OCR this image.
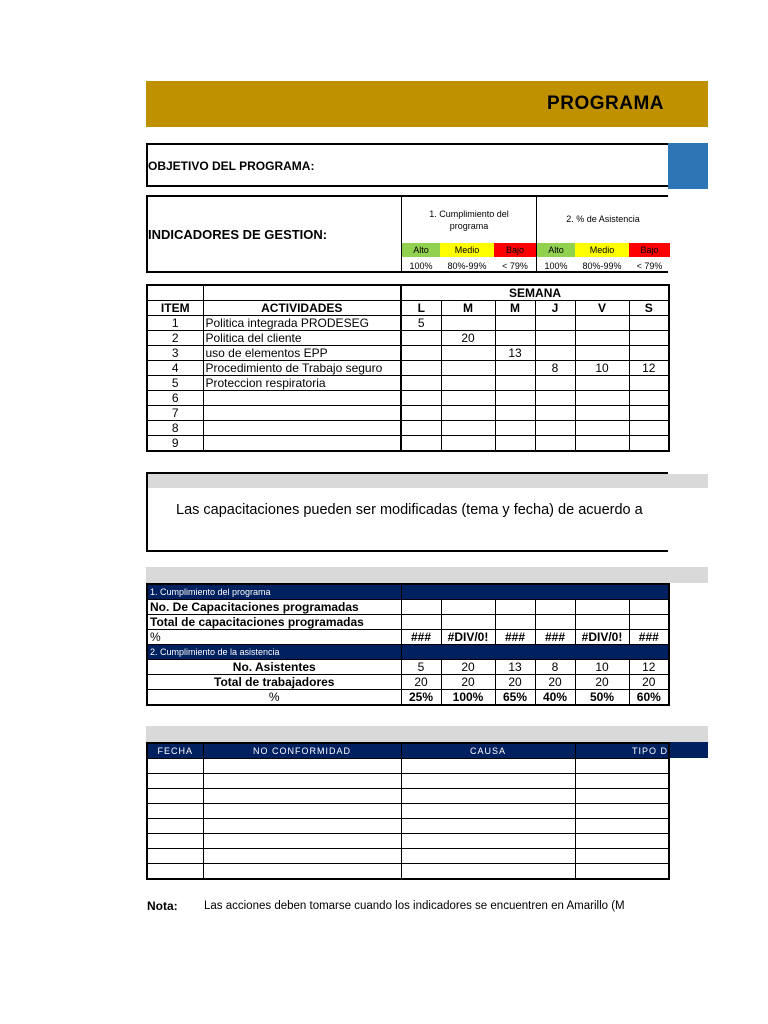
PROGRAMA
OBJETIVO DEL PROGRAMA:
INDICADORES DE GESTION:
1. Cumplimiento del programa
2. % de Asistencia
Alto	Medio	Bajo	Alto	Medio	Bajo
100%	80%-99%	< 79%	100%	80%-99%	< 79%
		SEMANA					
ITEM	ACTIVIDADES	L	M	M	J	V	S
1	Politica integrada PRODESEG	5					
2	Politica del cliente		20				
3	uso de elementos EPP			13			
4	Procedimiento de Trabajo seguro				8	10	12
5	Proteccion respiratoria						
6							
7							
8							
9							
Las capacitaciones pueden ser modificadas (tema y fecha) de acuerdo a
1. Cumplimiento del programa						
No. De Capacitaciones programadas						
Total de capacitaciones programadas						
%	###	#DIV/0!	###	###	#DIV/0!	###
2. Cumplimiento de la asistencia						
No. Asistentes	5	20	13	8	10	12
Total de trabajadores	20	20	20	20	20	20
%	25%	100%	65%	40%	50%	60%
FECHA	NO CONFORMIDAD	CAUSA	TIPO D

Nota: Las acciones deben tomarse cuando los indicadores se encuentren en Amarillo (M
